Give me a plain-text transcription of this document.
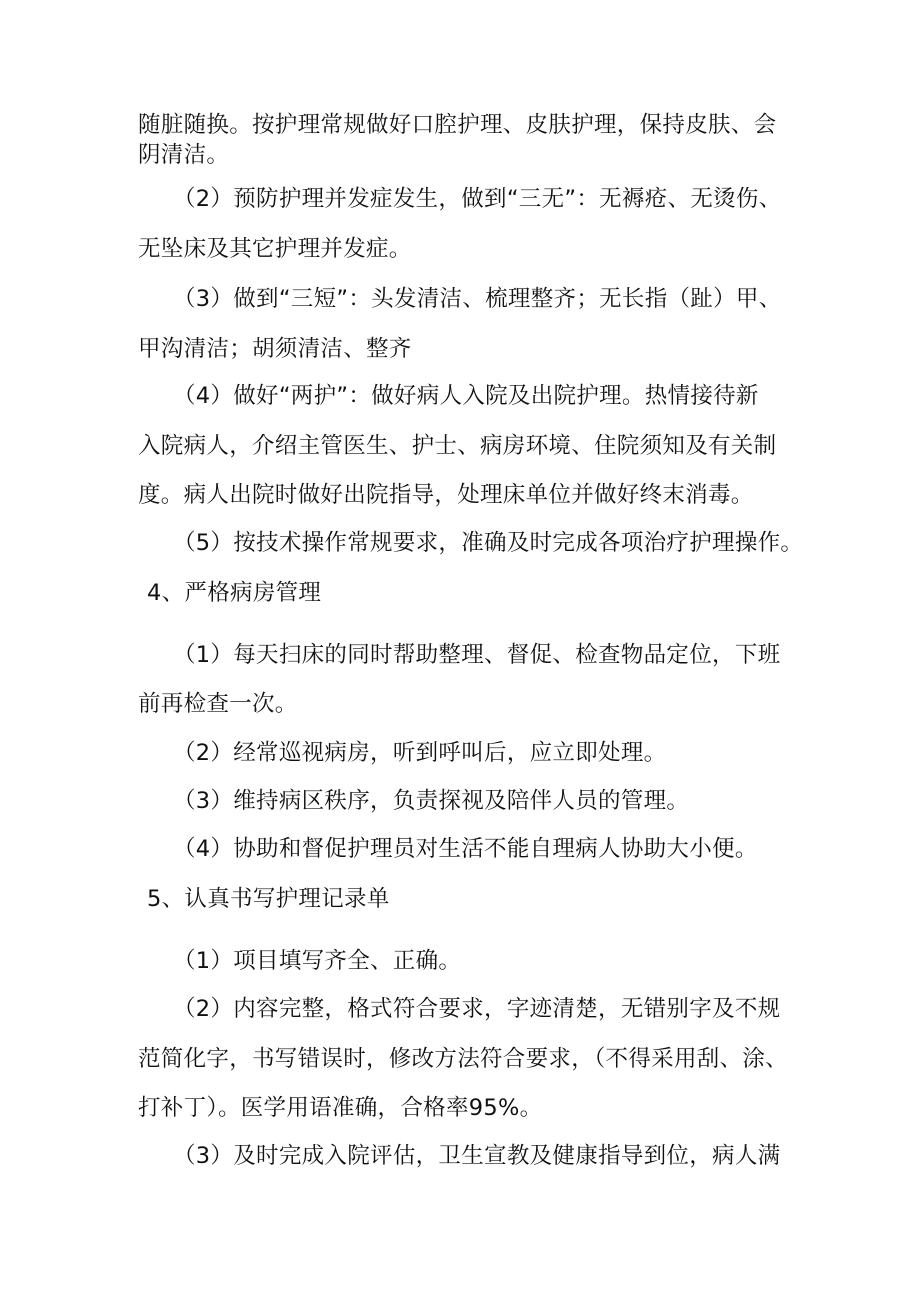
随脏随换。按护理常规做好口腔护理、皮肤护理，保持皮肤、会
阴清洁。
（2）预防护理并发症发生，做到“三无”：无褥疮、无烫伤、
无坠床及其它护理并发症。
（3）做到“三短”：头发清洁、梳理整齐；无长指（趾）甲、
甲沟清洁；胡须清洁、整齐
（4）做好“两护”：做好病人入院及出院护理。热情接待新
入院病人，介绍主管医生、护士、病房环境、住院须知及有关制
度。病人出院时做好出院指导，处理床单位并做好终末消毒。
（5）按技术操作常规要求，准确及时完成各项治疗护理操作。
4、严格病房管理
（1）每天扫床的同时帮助整理、督促、检查物品定位，下班
前再检查一次。
（2）经常巡视病房，听到呼叫后，应立即处理。
（3）维持病区秩序，负责探视及陪伴人员的管理。
（4）协助和督促护理员对生活不能自理病人协助大小便。
5、认真书写护理记录单
（1）项目填写齐全、正确。
（2）内容完整，格式符合要求，字迹清楚，无错别字及不规
范简化字，书写错误时，修改方法符合要求，（不得采用刮、涂、
打补丁）。医学用语准确，合格率95%。
（3）及时完成入院评估，卫生宣教及健康指导到位，病人满
